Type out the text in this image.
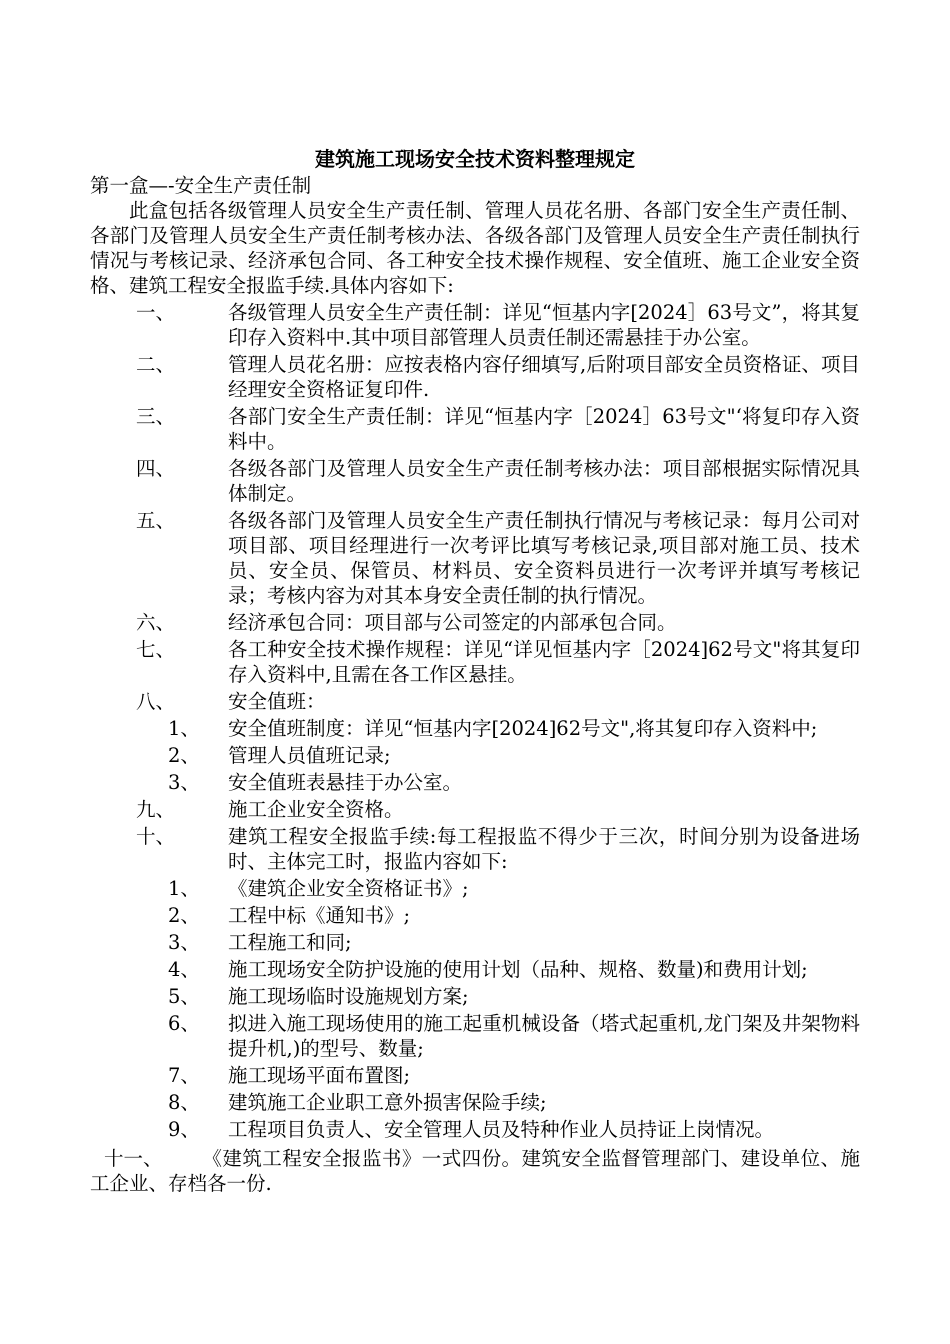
建筑施工现场安全技术资料整理规定
第一盒—-安全生产责任制
此盒包括各级管理人员安全生产责任制、管理人员花名册、各部门安全生产责任制、各部门及管理人员安全生产责任制考核办法、各级各部门及管理人员安全生产责任制执行情况与考核记录、经济承包合同、各工种安全技术操作规程、安全值班、施工企业安全资格、建筑工程安全报监手续.具体内容如下:
一、	各级管理人员安全生产责任制：详见“恒基内字[2024］63号文”，将其复印存入资料中.其中项目部管理人员责任制还需悬挂于办公室。
二、	管理人员花名册：应按表格内容仔细填写,后附项目部安全员资格证、项目经理安全资格证复印件.
三、	各部门安全生产责任制：详见“恒基内字［2024］63号文"‘将复印存入资料中。
四、	各级各部门及管理人员安全生产责任制考核办法：项目部根据实际情况具体制定。
五、	各级各部门及管理人员安全生产责任制执行情况与考核记录：每月公司对项目部、项目经理进行一次考评比填写考核记录,项目部对施工员、技术员、安全员、保管员、材料员、安全资料员进行一次考评并填写考核记录；考核内容为对其本身安全责任制的执行情况。
六、	经济承包合同：项目部与公司签定的内部承包合同。
七、	各工种安全技术操作规程：详见“详见恒基内字［2024]62号文"将其复印存入资料中,且需在各工作区悬挂。
八、	安全值班：
1、	安全值班制度：详见“恒基内字[2024]62号文",将其复印存入资料中;
2、	管理人员值班记录;
3、	安全值班表悬挂于办公室。
九、	施工企业安全资格。
十、	建筑工程安全报监手续:每工程报监不得少于三次，时间分别为设备进场时、主体完工时，报监内容如下:
1、	《建筑企业安全资格证书》;
2、	工程中标《通知书》;
3、	工程施工和同;
4、	施工现场安全防护设施的使用计划（品种、规格、数量)和费用计划;
5、	施工现场临时设施规划方案;
6、	拟进入施工现场使用的施工起重机械设备（塔式起重机,龙门架及井架物料提升机,)的型号、数量;
7、	施工现场平面布置图;
8、	建筑施工企业职工意外损害保险手续;
9、	工程项目负责人、安全管理人员及特种作业人员持证上岗情况。
十一、 《建筑工程安全报监书》一式四份。建筑安全监督管理部门、建设单位、施工企业、存档各一份.
